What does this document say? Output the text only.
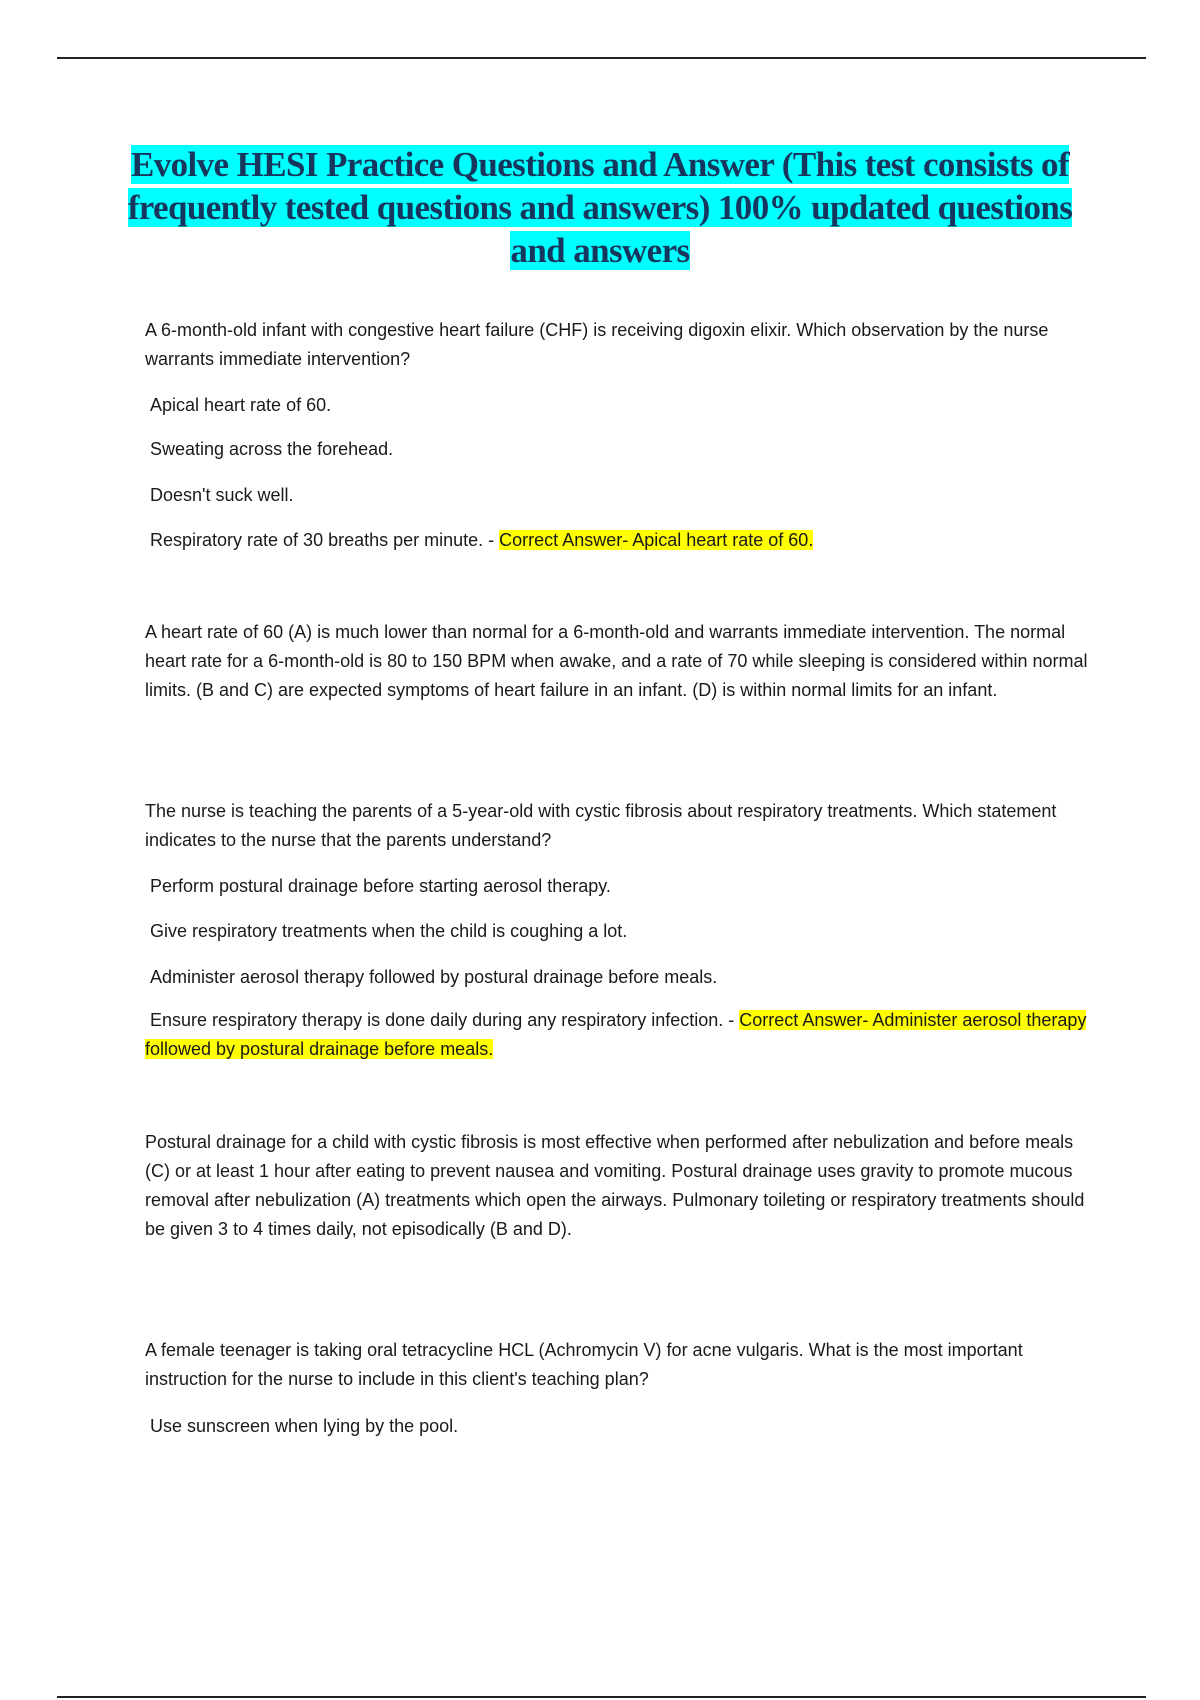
Evolve HESI Practice Questions and Answer (This test consists of frequently tested questions and answers) 100% updated questions and answers
A 6-month-old infant with congestive heart failure (CHF) is receiving digoxin elixir. Which observation by the nurse warrants immediate intervention?
Apical heart rate of 60.
Sweating across the forehead.
Doesn't suck well.
Respiratory rate of 30 breaths per minute. - Correct Answer- Apical heart rate of 60.
A heart rate of 60 (A) is much lower than normal for a 6-month-old and warrants immediate intervention. The normal heart rate for a 6-month-old is 80 to 150 BPM when awake, and a rate of 70 while sleeping is considered within normal limits. (B and C) are expected symptoms of heart failure in an infant. (D) is within normal limits for an infant.
The nurse is teaching the parents of a 5-year-old with cystic fibrosis about respiratory treatments. Which statement indicates to the nurse that the parents understand?
Perform postural drainage before starting aerosol therapy.
Give respiratory treatments when the child is coughing a lot.
Administer aerosol therapy followed by postural drainage before meals.
Ensure respiratory therapy is done daily during any respiratory infection. - Correct Answer- Administer aerosol therapy followed by postural drainage before meals.
Postural drainage for a child with cystic fibrosis is most effective when performed after nebulization and before meals (C) or at least 1 hour after eating to prevent nausea and vomiting. Postural drainage uses gravity to promote mucous removal after nebulization (A) treatments which open the airways. Pulmonary toileting or respiratory treatments should be given 3 to 4 times daily, not episodically (B and D).
A female teenager is taking oral tetracycline HCL (Achromycin V) for acne vulgaris. What is the most important instruction for the nurse to include in this client's teaching plan?
Use sunscreen when lying by the pool.
